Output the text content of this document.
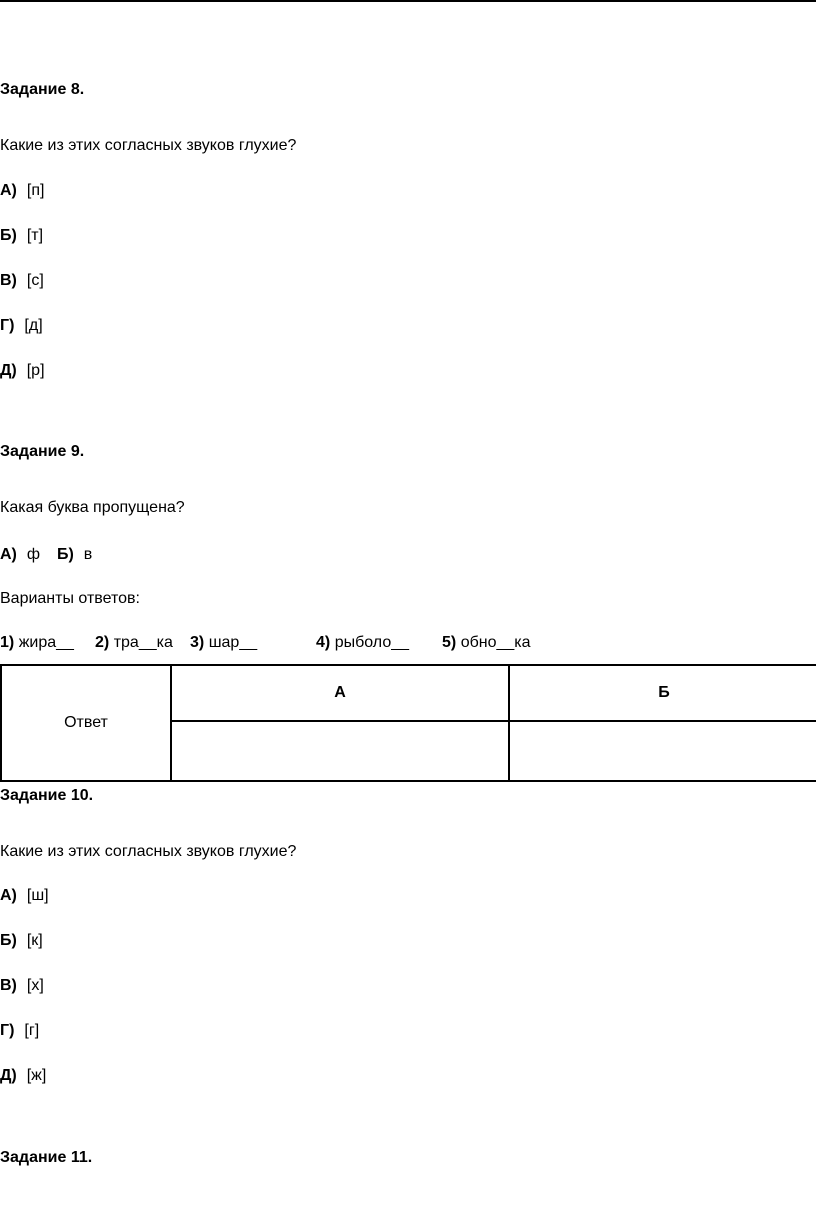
Задание 8.
Какие из этих согласных звуков глухие?
А) [п]
Б) [т]
В) [с]
Г) [д]
Д) [р]
Задание 9.
Какая буква пропущена?
А) ф Б) в
Варианты ответов:
1) жира__ 2) тра__ка 3) шар__	4) рыболо__ 5) обно__ка
Ответ	А	Б

Задание 10.
Какие из этих согласных звуков глухие?
А) [ш]
Б) [к]
В) [х]
Г) [г]
Д) [ж]
Задание 11.
